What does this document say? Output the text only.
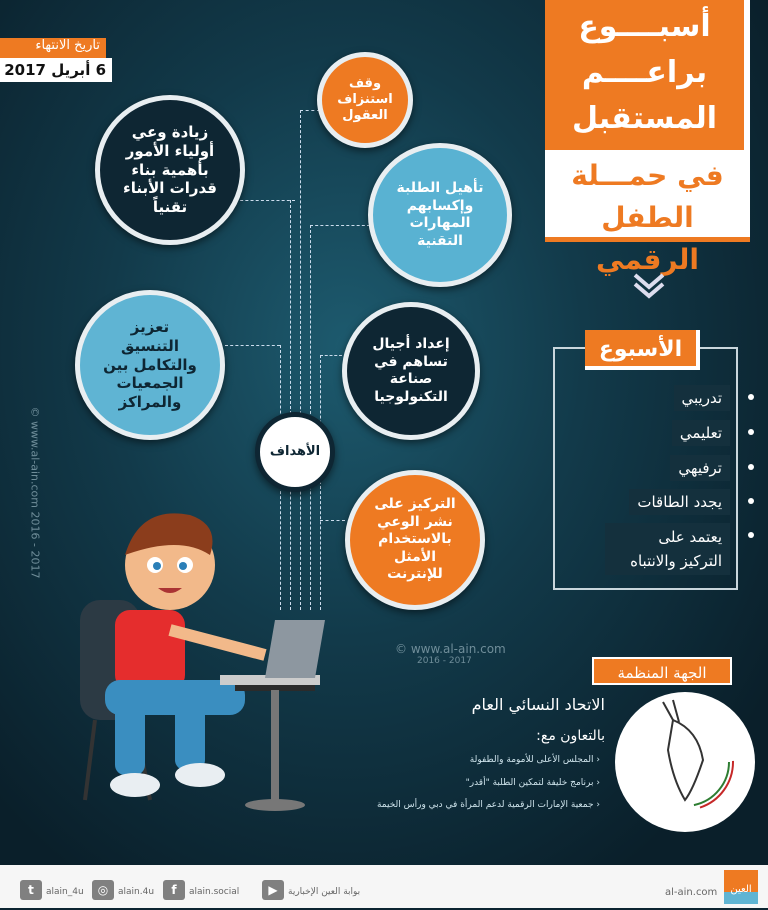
تاريخ الانتهاء
6 أبريل 2017
أسبــــوع
براعــــم
المستقبل
في حمـــلة
الطفل الرقمي
وقف استنزاف العقول
زيادة وعي أولياء الأمور بأهمية بناء قدرات الأبناء تقنياً
تأهيل الطلبة وإكسابهم المهارات التقنية
تعزيز التنسيق والتكامل بين الجمعيات والمراكز
إعداد أجيال تساهم في صناعة التكنولوجيا
الأهداف
التركيز على نشر الوعي بالاستخدام الأمثل للإنترنت
© www.al-ain.com
2016 - 2017
© www.al-ain.com 2016 - 2017
الأسبوع
تدريبي
تعليمي
ترفيهي
يجدد الطاقات
يعتمد على التركيز والانتباه
الجهة المنظمة
الاتحاد النسائي العام
بالتعاون مع:
‹ المجلس الأعلى للأمومة والطفولة
‹ برنامج خليفة لتمكين الطلبة "أقدر"
‹ جمعية الإمارات الرقمية لدعم المرأة في دبي ورأس الخيمة
t	alain_4u	◎	alain.4u	f	alain.social	▶	بوابة العين الإخبارية	al-ain.com	العين
